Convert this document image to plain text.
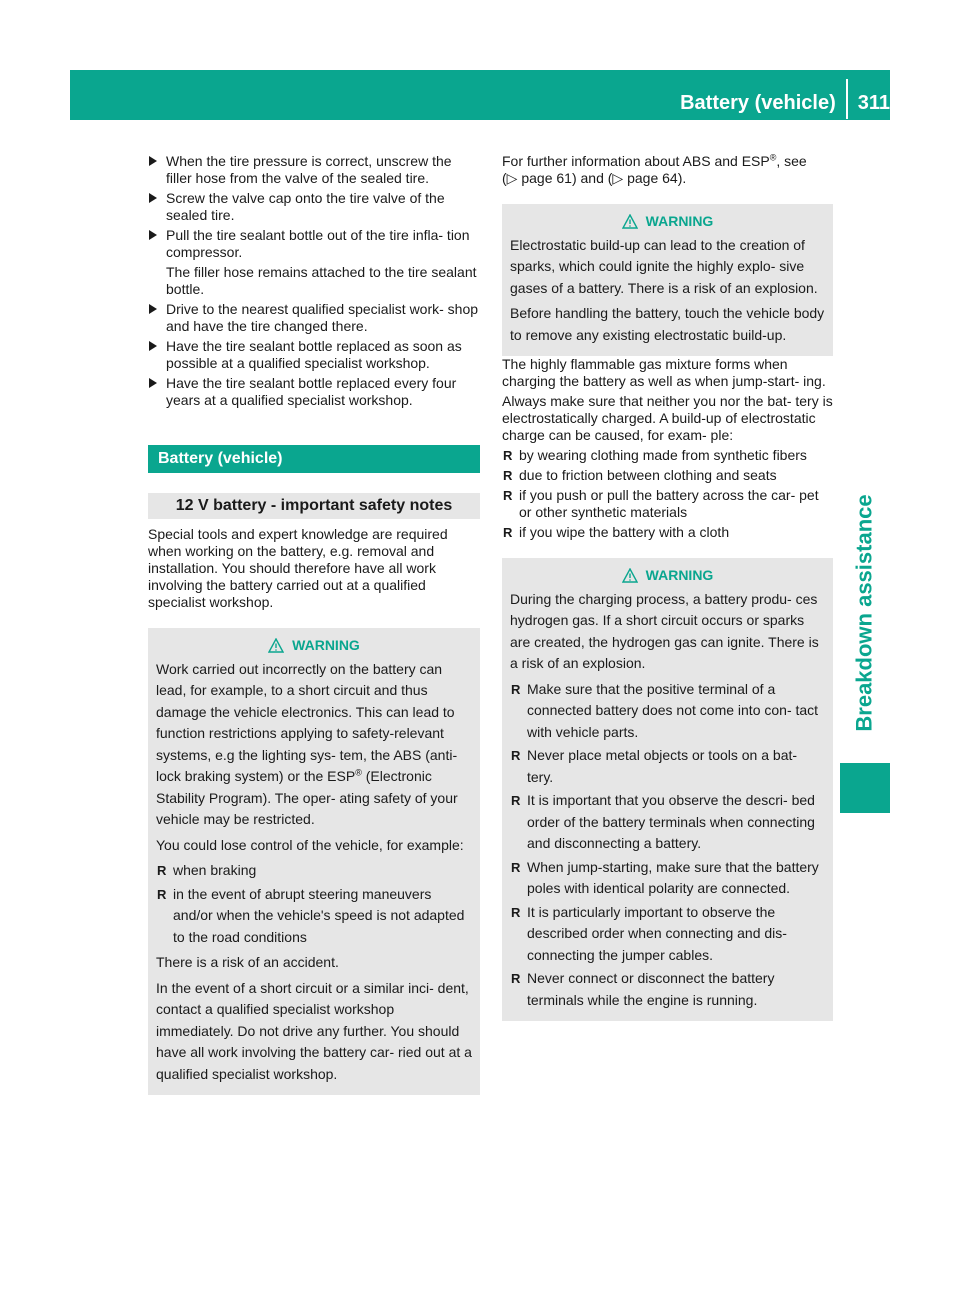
Battery (vehicle) 311
Breakdown assistance
When the tire pressure is correct, unscrew the filler hose from the valve of the sealed tire.
Screw the valve cap onto the tire valve of the sealed tire.
Pull the tire sealant bottle out of the tire infla- tion compressor.
The filler hose remains attached to the tire sealant bottle.
Drive to the nearest qualified specialist work- shop and have the tire changed there.
Have the tire sealant bottle replaced as soon as possible at a qualified specialist workshop.
Have the tire sealant bottle replaced every four years at a qualified specialist workshop.
Battery (vehicle)
12 V battery - important safety notes

Special tools and expert knowledge are required when working on the battery, e.g. removal and installation. You should therefore have all work involving the battery carried out at a qualified specialist workshop.

WARNING

Work carried out incorrectly on the battery can lead, for example, to a short circuit and thus damage the vehicle electronics. This can lead to function restrictions applying to safety-relevant systems, e.g the lighting sys- tem, the ABS (anti-lock braking system) or the ESP® (Electronic Stability Program). The oper- ating safety of your vehicle may be restricted.

You could lose control of the vehicle, for example:

R when braking
R in the event of abrupt steering maneuvers and/or when the vehicle's speed is not adapted to the road conditions

There is a risk of an accident.

In the event of a short circuit or a similar inci- dent, contact a qualified specialist workshop immediately. Do not drive any further. You should have all work involving the battery car- ried out at a qualified specialist workshop.

For further information about ABS and ESP®, see (▷ page 61) and (▷ page 64).

WARNING

Electrostatic build-up can lead to the creation of sparks, which could ignite the highly explo- sive gases of a battery. There is a risk of an explosion.

Before handling the battery, touch the vehicle body to remove any existing electrostatic build-up.

The highly flammable gas mixture forms when charging the battery as well as when jump-start- ing.

Always make sure that neither you nor the bat- tery is electrostatically charged. A build-up of electrostatic charge can be caused, for exam- ple:

R by wearing clothing made from synthetic fibers
R due to friction between clothing and seats
R if you push or pull the battery across the car- pet or other synthetic materials
R if you wipe the battery with a cloth
WARNING

During the charging process, a battery produ- ces hydrogen gas. If a short circuit occurs or sparks are created, the hydrogen gas can ignite. There is a risk of an explosion.

R Make sure that the positive terminal of a connected battery does not come into con- tact with vehicle parts.
R Never place metal objects or tools on a bat- tery.
R It is important that you observe the descri- bed order of the battery terminals when connecting and disconnecting a battery.
R When jump-starting, make sure that the battery poles with identical polarity are connected.
R It is particularly important to observe the described order when connecting and dis- connecting the jumper cables.
R Never connect or disconnect the battery terminals while the engine is running.
